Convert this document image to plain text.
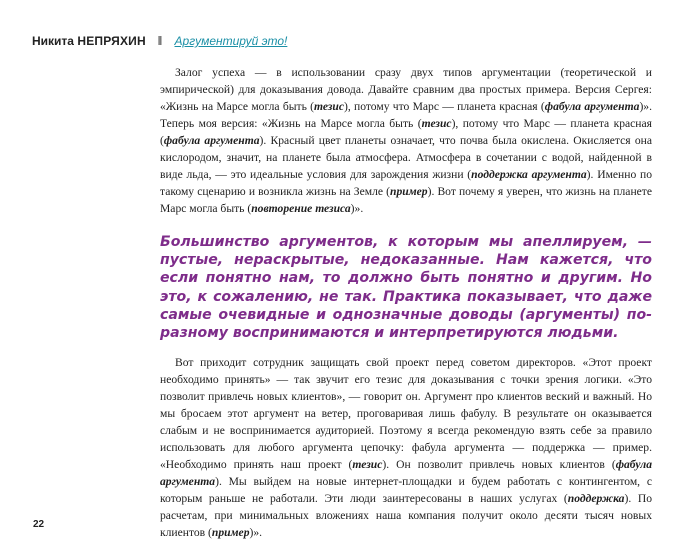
Никита НЕПРЯХИН ‖ Аргументируй это!

Залог успеха — в использовании сразу двух типов аргументации (теоретической и эмпирической) для доказывания довода. Давайте сравним два простых примера. Версия Сергея: «Жизнь на Марсе могла быть (тезис), потому что Марс — планета красная (фабула аргумента)». Теперь моя версия: «Жизнь на Марсе могла быть (тезис), потому что Марс — планета красная (фабула аргумента). Красный цвет планеты означает, что почва была окислена. Окисляется она кислородом, значит, на планете была атмосфера. Атмосфера в сочетании с водой, найденной в виде льда, — это идеальные условия для зарождения жизни (поддержка аргумента). Именно по такому сценарию и возникла жизнь на Земле (пример). Вот почему я уверен, что жизнь на планете Марс могла быть (повторение тезиса)».

Большинство аргументов, к которым мы апеллируем, — пустые, нераскрытые, недоказанные. Нам кажется, что если понятно нам, то должно быть понятно и другим. Но это, к сожалению, не так. Практика показывает, что даже самые очевидные и однозначные доводы (аргументы) по-разному воспринимаются и интерпретируются людьми.

Вот приходит сотрудник защищать свой проект перед советом директоров. «Этот проект необходимо принять» — так звучит его тезис для доказывания с точки зрения логики. «Это позволит привлечь новых клиентов», — говорит он. Аргумент про клиентов веский и важный. Но мы бросаем этот аргумент на ветер, проговаривая лишь фабулу. В результате он оказывается слабым и не воспринимается аудиторией. Поэтому я всегда рекомендую взять себе за правило использовать для любого аргумента цепочку: фабула аргумента — поддержка — пример. «Необходимо принять наш проект (тезис). Он позволит привлечь новых клиентов (фабула аргумента). Мы выйдем на новые интернет-площадки и будем работать с контингентом, с которым раньше не работали. Эти люди заинтересованы в наших услугах (поддержка). По расчетам, при минимальных вложениях наша компания получит около десяти тысяч новых клиентов (пример)».

22
